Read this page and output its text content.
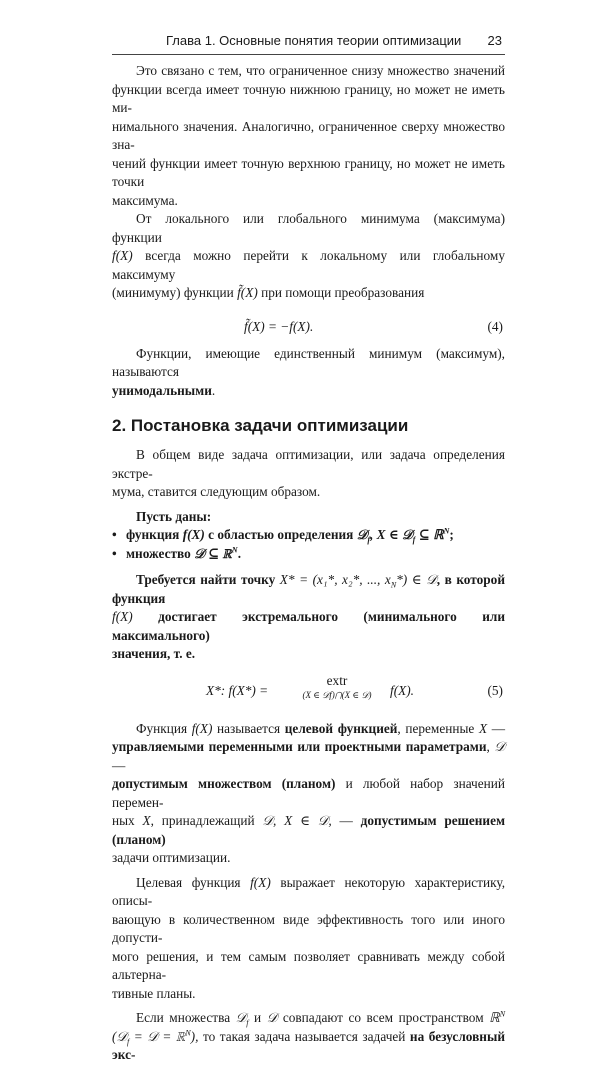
Глава 1. Основные понятия теории оптимизации 23

Это связано с тем, что ограниченное снизу множество значений

функции всегда имеет точную нижнюю границу, но может не иметь ми-

нимального значения. Аналогично, ограниченное сверху множество зна-

чений функции имеет точную верхнюю границу, но может не иметь точки

максимума.

От локального или глобального минимума (максимума) функции

f(X) всегда можно перейти к локальному или глобальному максимуму

(минимуму) функции f̃(X) при помощи преобразования

f̃(X) = −f(X).	(4)

Функции, имеющие единственный минимум (максимум), называются

унимодальными.

2. Постановка задачи оптимизации

В общем виде задача оптимизации, или задача определения экстре-

мума, ставится следующим образом.

Пусть даны:

• функция f(X) с областью определения 𝒟$_f$, X ∈ 𝒟$_f$ ⊆ ℝ$^N$;
• множество 𝒟 ⊆ ℝ$^N$.

Требуется найти точку X* = (x₁*, x₂*, ..., $x_N*$) ∈ 𝒟, в которой функция

f(X) достигает экстремального (минимального или максимального)

значения, т. е.

X*: f(X*) =
extr
(X ∈ 𝒟f)⋂(X ∈ 𝒟)	f(X).	(5)

Функция f(X) называется целевой функцией, переменные X —

управляемыми переменными или проектными параметрами, 𝒟 —

допустимым множеством (планом) и любой набор значений перемен-

ных X, принадлежащий 𝒟, X ∈ 𝒟, — допустимым решением (планом)

задачи оптимизации.

Целевая функция f(X) выражает некоторую характеристику, описы-

вающую в количественном виде эффективность того или иного допусти-

мого решения, и тем самым позволяет сравнивать между собой альтерна-

тивные планы.

Если множества 𝒟$_f$ и 𝒟 совпадают со всем пространством ℝ$^N$

(𝒟$_f$ = 𝒟 = ℝ$^N$), то такая задача называется задачей на безусловный экс-
